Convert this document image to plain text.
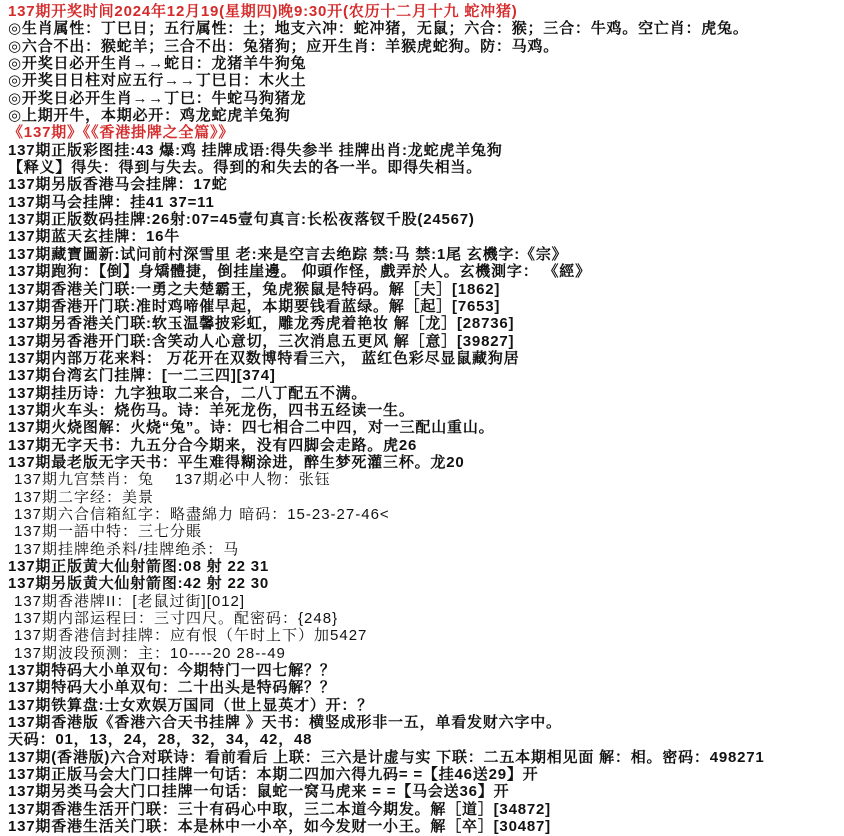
137期开奖时间2024年12月19(星期四)晚9:30开(农历十二月十九 蛇冲猪)
◎生肖属性：丁巳日；五行属性：土；地支六冲：蛇冲猪，无鼠；六合：猴；三合：牛鸡。空亡肖：虎兔。
◎六合不出：猴蛇羊；三合不出：兔猪狗；应开生肖：羊猴虎蛇狗。防：马鸡。
◎开奖日必开生肖→→蛇日：龙猪羊牛狗兔
◎开奖日日柱对应五行→→丁巳日：木火土
◎开奖日必开生肖→→丁巳：牛蛇马狗猪龙
◎上期开牛，本期必开：鸡龙蛇虎羊兔狗
《137期》《《香港掛牌之全篇》》
137期正版彩图挂:43 爆:鸡 挂牌成语:得失参半 挂牌出肖:龙蛇虎羊兔狗
【释义】得失：得到与失去。得到的和失去的各一半。即得失相当。
137期另版香港马会挂牌：17蛇
137期马会挂牌：挂41 37=11
137期正版数码挂牌:26射:07=45壹句真言:长松夜落钗千股(24567)
137期蓝天玄挂牌：16牛
137期藏寶圖新:试问前村深雪里 老:来是空言去绝踪 禁:马 禁:1尾 玄機字:《宗》
137期跑狗：【倒】身矯體捷，倒挂崖邊。 仰頭作怪，戲弄於人。玄機測字： 《經》
137期香港关门联:一勇之夫楚霸王，兔虎猴鼠是特码。解［夫］[1862]
137期香港开门联:准时鸡啼催早起，本期要钱看蓝绿。解［起］[7653]
137期另香港关门联:软玉温馨披彩虹，雕龙秀虎着艳妆 解［龙］[28736]
137期另香港开门联:含笑动人心意切，三次消息五更风 解［意］[39827]
137期内部万花来料： 万花开在双数博特看三六， 蓝红色彩尽显鼠藏狗居
137期台湾玄门挂牌：[一二三四][374]
137期挂历诗：九字独取二来合，二八丁配五不满。
137期火车头：烧伤马。诗：羊死龙伤，四书五经读一生。
137期火烧图解：火烧“兔”。诗：四七相合二中四，对一三配山重山。
137期无字天书：九五分合今期来，没有四脚会走路。虎26
137期最老版无字天书：平生难得糊涂进，醉生梦死灌三杯。龙20
137期九宫禁肖：兔    137期必中人物：张钰
137期二字经：美景
137期六合信箱紅字：略盡綿力 暗码：15-23-27-46<
137期一語中特：三七分賬
137期挂牌绝杀料/挂牌绝杀：马
137期正版黄大仙射箭图:08 射 22 31
137期另版黄大仙射箭图:42 射 22 30
137期香港牌II：[老鼠过街][012]
137期内部运程曰：三寸四尺。配密码：{248}
137期香港信封挂牌：应有恨（午时上下）加5427
137期波段预测：主：10----20 28--49
137期特码大小单双句：今期特门一四七解？？
137期特码大小单双句：二十出头是特码解？？
137期铁算盘:士女欢娱万国同（世上显英才）开：？
137期香港版《香港六合天书挂牌 》天书：横竖成形非一五，单看发财六字中。
天码：01，13，24，28，32，34，42，48
137期(香港版)六合对联诗：看前看后 上联：三六是计虚与实 下联：二五本期相见面 解：相。密码：498271
137期正版马会大门口挂牌一句话：本期二四加六得九码= =【挂46送29】开
137期另类马会大门口挂牌一句话：鼠蛇一窝马虎来 = =【马会送36】开
137期香港生活开门联：三十有码心中取，三二本道今期发。解［道］[34872]
137期香港生活关门联：本是林中一小卒，如今发财一小王。解［卒］[30487]
